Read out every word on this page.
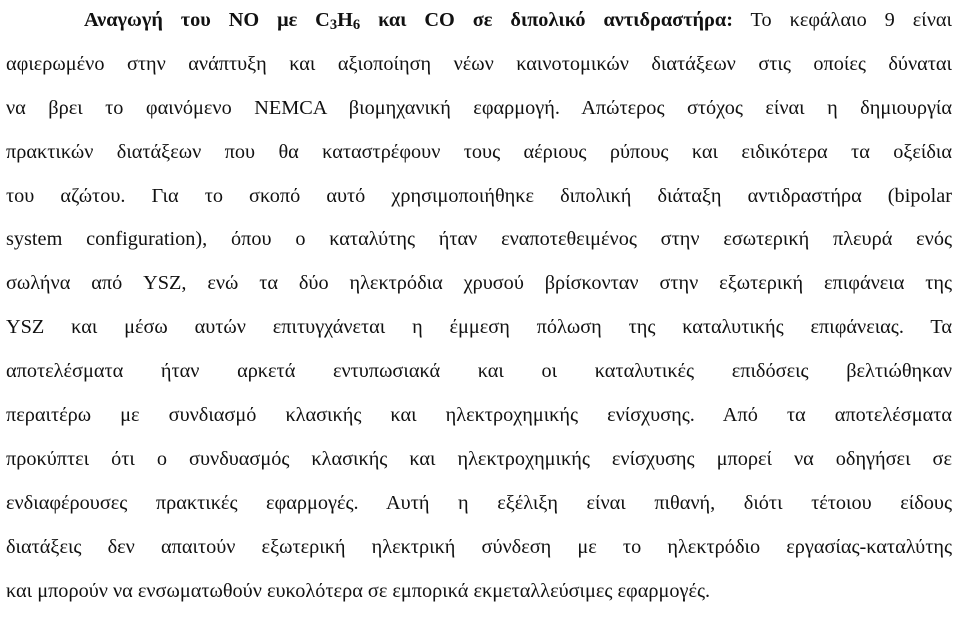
Αναγωγή του NO με C3H6 και CO σε διπολικό αντιδραστήρα: Το κεφάλαιο 9 είναι
αφιερωμένο στην ανάπτυξη και αξιοποίηση νέων καινοτομικών διατάξεων στις οποίες δύναται
να βρει το φαινόμενο NEMCA βιομηχανική εφαρμογή. Απώτερος στόχος είναι η δημιουργία
πρακτικών διατάξεων που θα καταστρέφουν τους αέριους ρύπους και ειδικότερα τα οξείδια
του αζώτου. Για το σκοπό αυτό χρησιμοποιήθηκε διπολική διάταξη αντιδραστήρα (bipolar
system configuration), όπου ο καταλύτης ήταν εναποτεθειμένος στην εσωτερική πλευρά ενός
σωλήνα από YSZ, ενώ τα δύο ηλεκτρόδια χρυσού βρίσκονταν στην εξωτερική επιφάνεια της
YSZ και μέσω αυτών επιτυγχάνεται η έμμεση πόλωση της καταλυτικής επιφάνειας. Τα
αποτελέσματα ήταν αρκετά εντυπωσιακά και οι καταλυτικές επιδόσεις βελτιώθηκαν
περαιτέρω με συνδιασμό κλασικής και ηλεκτροχημικής ενίσχυσης. Από τα αποτελέσματα
προκύπτει ότι ο συνδυασμός κλασικής και ηλεκτροχημικής ενίσχυσης μπορεί να οδηγήσει σε
ενδιαφέρουσες πρακτικές εφαρμογές. Αυτή η εξέλιξη είναι πιθανή, διότι τέτοιου είδους
διατάξεις δεν απαιτούν εξωτερική ηλεκτρική σύνδεση με το ηλεκτρόδιο εργασίας-καταλύτης
και μπορούν να ενσωματωθούν ευκολότερα σε εμπορικά εκμεταλλεύσιμες εφαρμογές.
